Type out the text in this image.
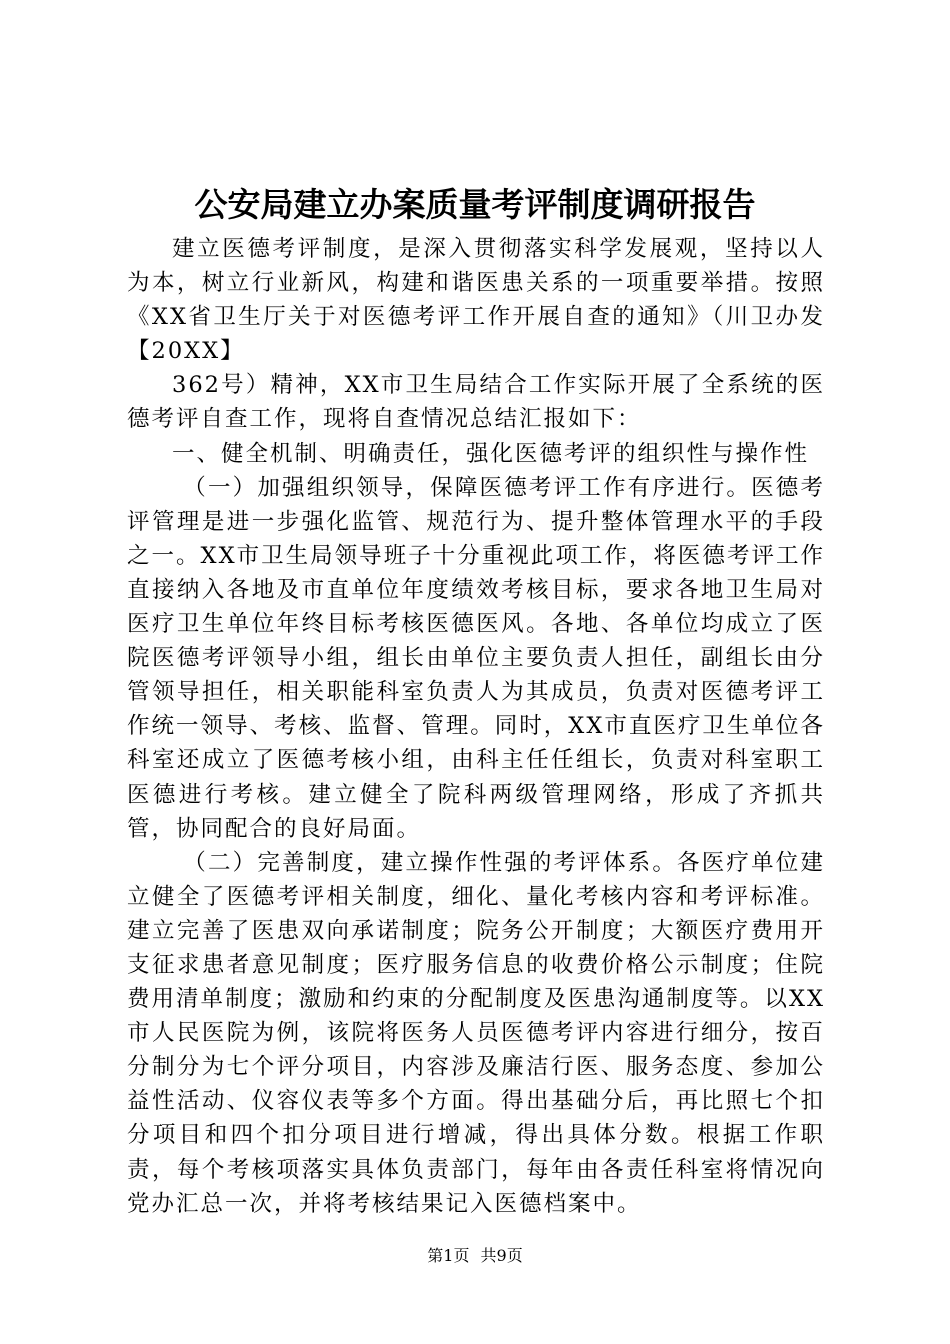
公安局建立办案质量考评制度调研报告

建立医德考评制度，是深入贯彻落实科学发展观，坚持以人为本，树立行业新风，构建和谐医患关系的一项重要举措。按照《XX省卫生厅关于对医德考评工作开展自查的通知》（川卫办发【20XX】

362号）精神，XX市卫生局结合工作实际开展了全系统的医德考评自查工作，现将自查情况总结汇报如下：

一、健全机制、明确责任，强化医德考评的组织性与操作性

（一）加强组织领导，保障医德考评工作有序进行。医德考评管理是进一步强化监管、规范行为、提升整体管理水平的手段之一。XX市卫生局领导班子十分重视此项工作，将医德考评工作直接纳入各地及市直单位年度绩效考核目标，要求各地卫生局对医疗卫生单位年终目标考核医德医风。各地、各单位均成立了医院医德考评领导小组，组长由单位主要负责人担任，副组长由分管领导担任，相关职能科室负责人为其成员，负责对医德考评工作统一领导、考核、监督、管理。同时，XX市直医疗卫生单位各科室还成立了医德考核小组，由科主任任组长，负责对科室职工医德进行考核。建立健全了院科两级管理网络，形成了齐抓共管，协同配合的良好局面。

（二）完善制度，建立操作性强的考评体系。各医疗单位建立健全了医德考评相关制度，细化、量化考核内容和考评标准。建立完善了医患双向承诺制度；院务公开制度；大额医疗费用开支征求患者意见制度；医疗服务信息的收费价格公示制度；住院费用清单制度；激励和约束的分配制度及医患沟通制度等。以XX市人民医院为例，该院将医务人员医德考评内容进行细分，按百分制分为七个评分项目，内容涉及廉洁行医、服务态度、参加公益性活动、仪容仪表等多个方面。得出基础分后，再比照七个扣分项目和四个扣分项目进行增减，得出具体分数。根据工作职责，每个考核项落实具体负责部门，每年由各责任科室将情况向党办汇总一次，并将考核结果记入医德档案中。

第1页 共9页
